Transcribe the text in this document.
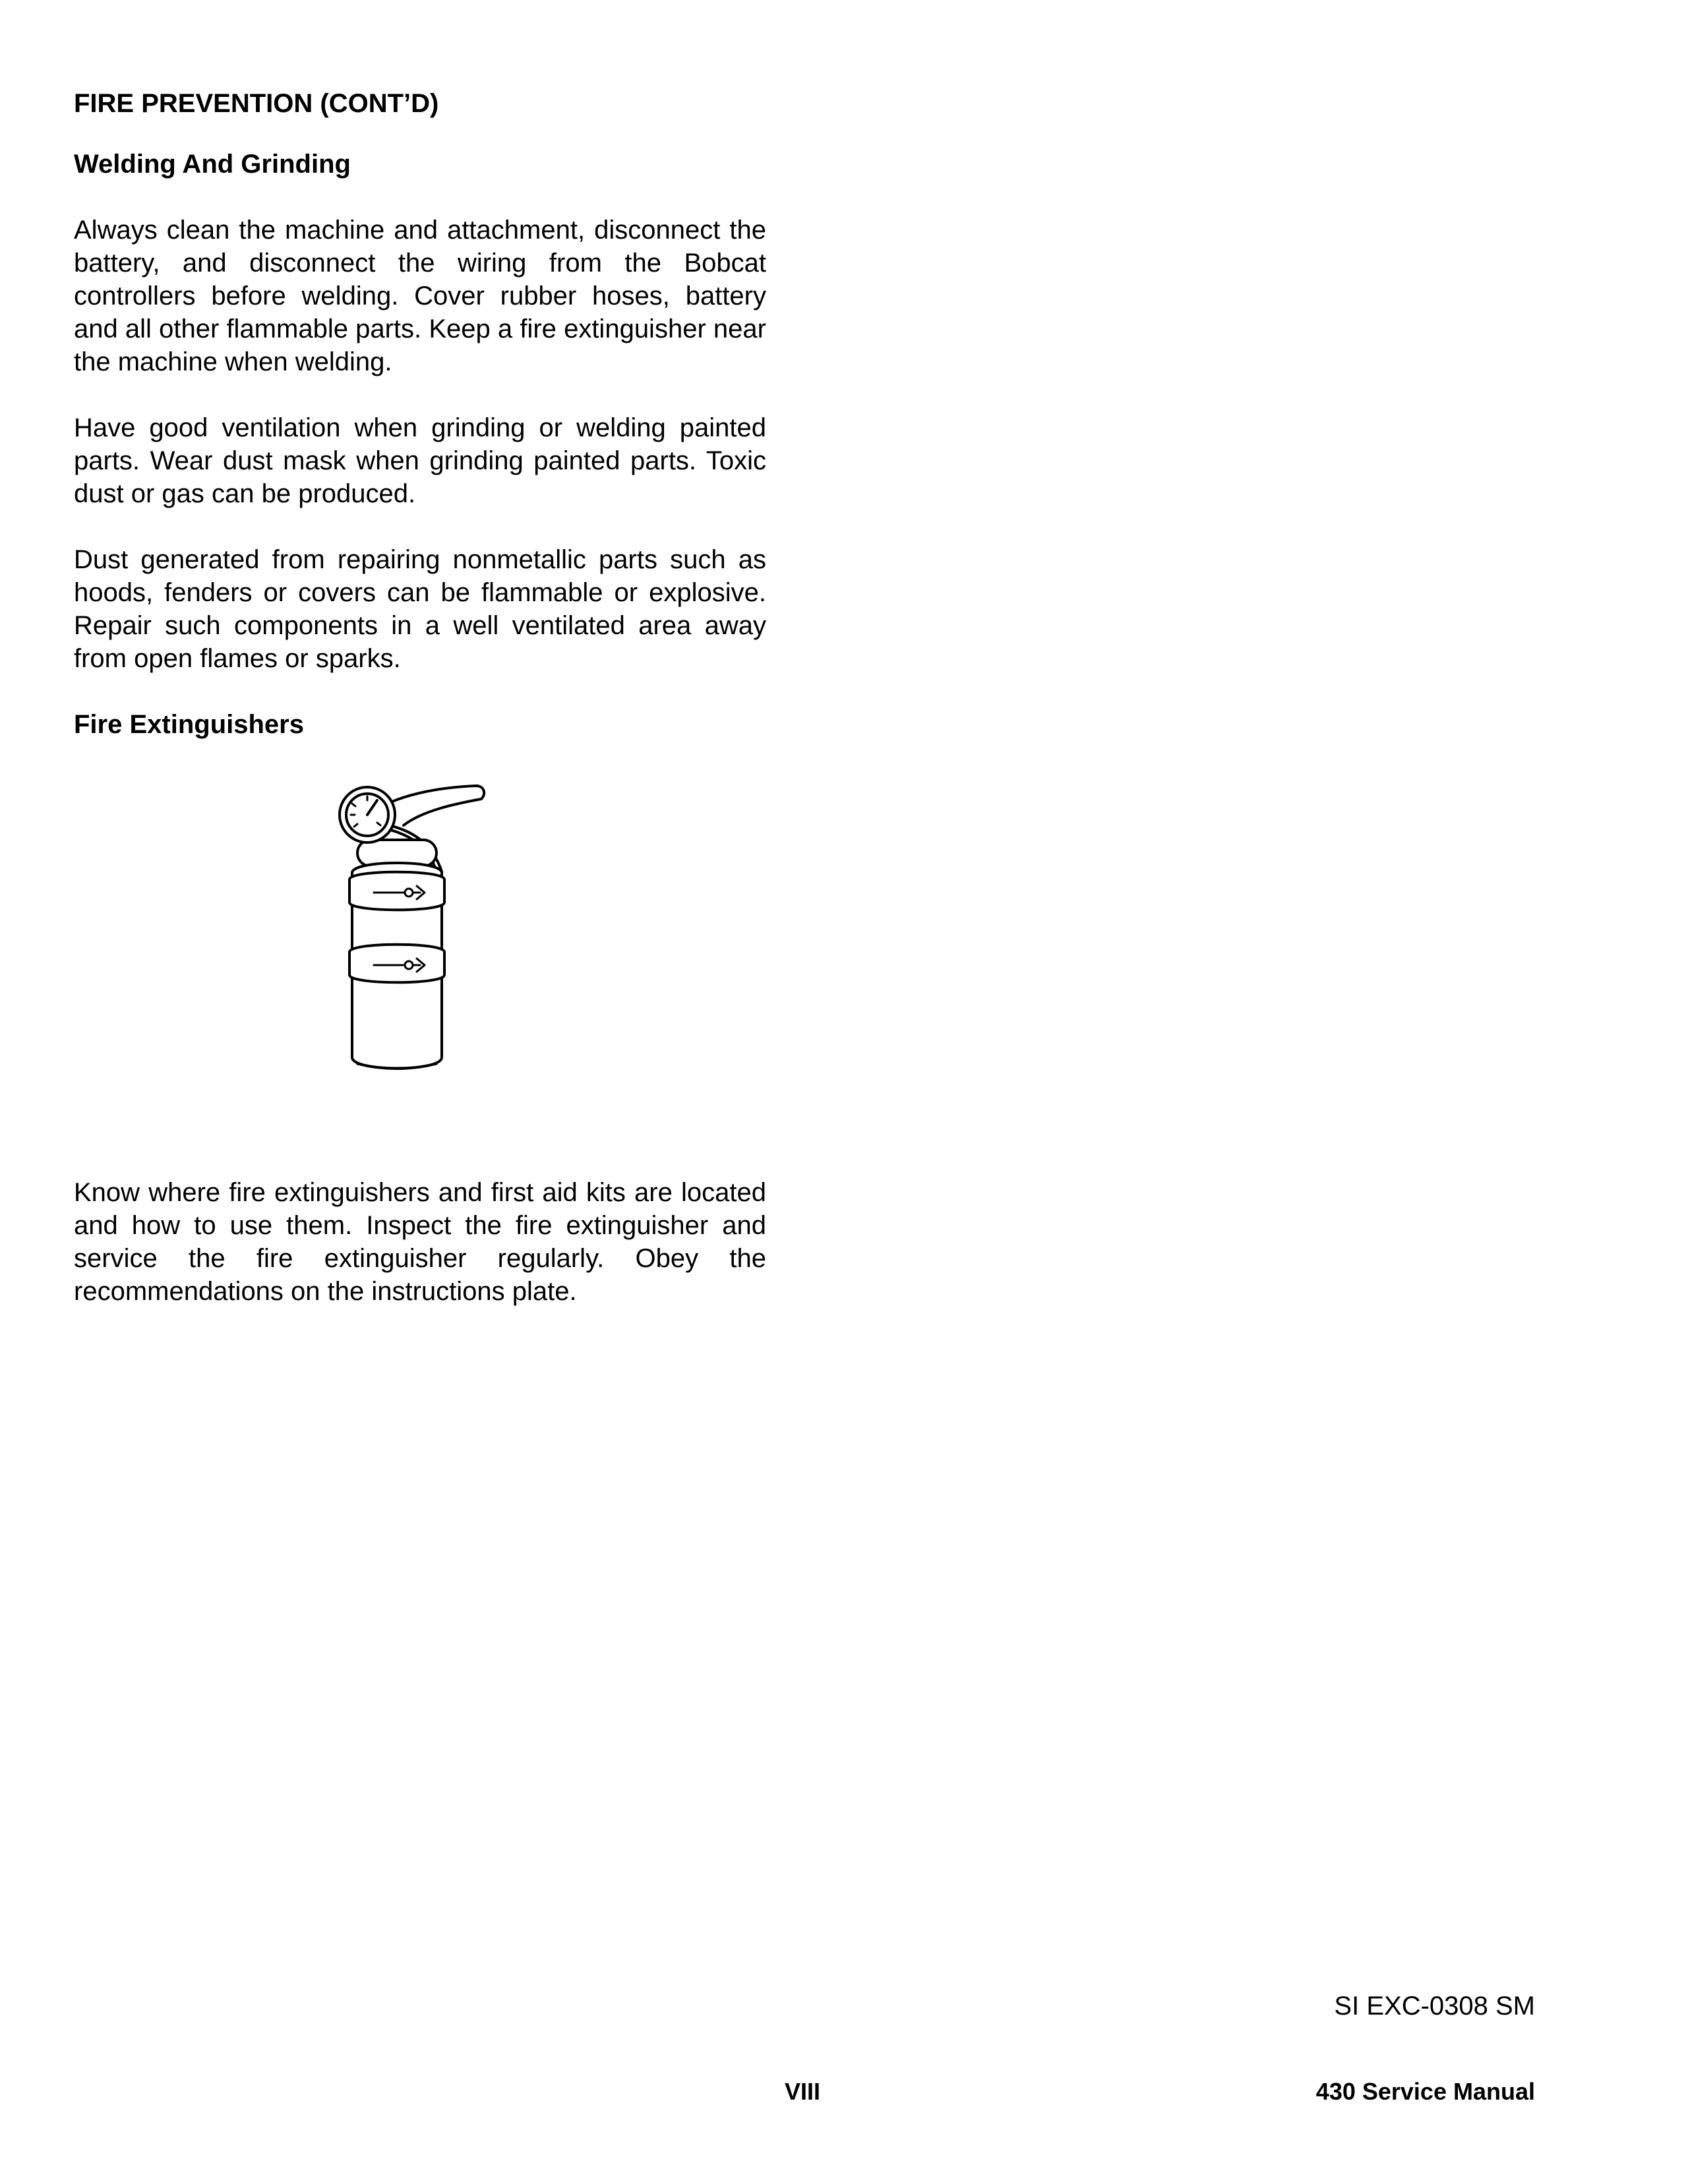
FIRE PREVENTION (CONT’D)
Welding And Grinding

Always clean the machine and attachment, disconnect the battery, and disconnect the wiring from the Bobcat controllers before welding. Cover rubber hoses, battery and all other flammable parts. Keep a fire extinguisher near the machine when welding.

Have good ventilation when grinding or welding painted parts. Wear dust mask when grinding painted parts. Toxic dust or gas can be produced.

Dust generated from repairing nonmetallic parts such as hoods, fenders or covers can be flammable or explosive. Repair such components in a well ventilated area away from open flames or sparks.

Fire Extinguishers

Know where fire extinguishers and first aid kits are located and how to use them. Inspect the fire extinguisher and service the fire extinguisher regularly. Obey the recommendations on the instructions plate.

SI EXC-0308 SM
VIII	430 Service Manual
